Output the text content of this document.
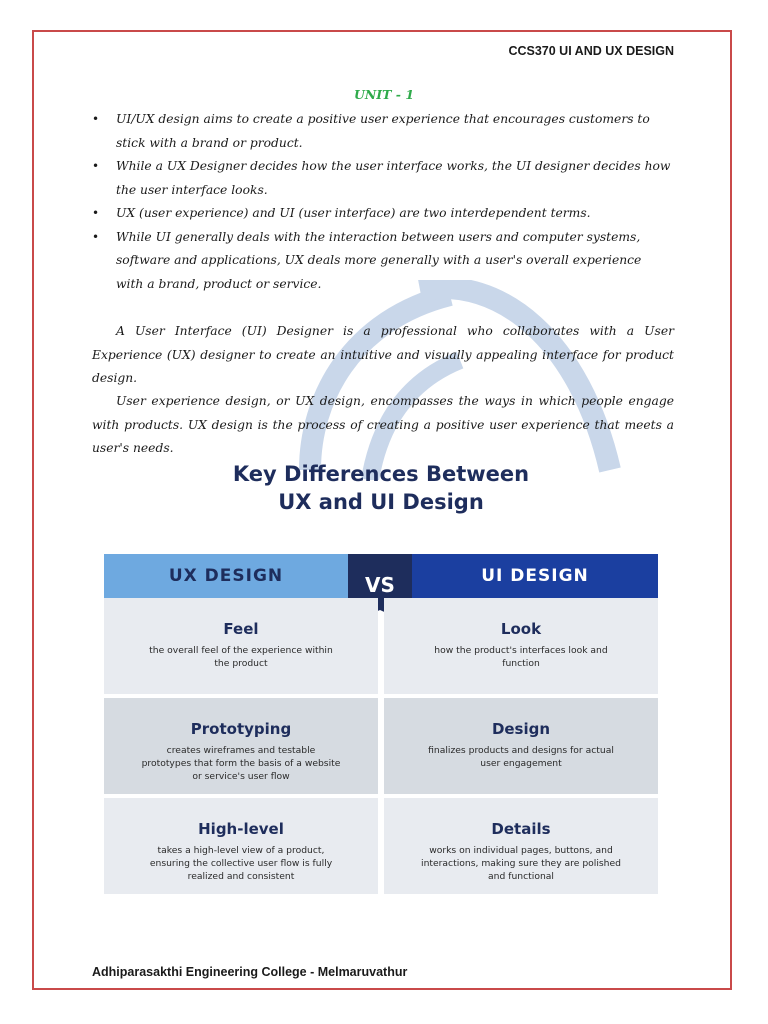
CCS370 UI AND UX DESIGN
UNIT - 1
• UI/UX design aims to create a positive user experience that encourages customers to stick with a brand or product.
• While a UX Designer decides how the user interface works, the UI designer decides how the user interface looks.
• UX (user experience) and UI (user interface) are two interdependent terms.
• While UI generally deals with the interaction between users and computer systems, software and applications, UX deals more generally with a user's overall experience with a brand, product or service.

A User Interface (UI) Designer is a professional who collaborates with a User Experience (UX) designer to create an intuitive and visually appealing interface for product design.

User experience design, or UX design, encompasses the ways in which people engage with products. UX design is the process of creating a positive user experience that meets a user's needs.

Key Differences Between
UX and UI Design
UX DESIGN	UI DESIGN
VS
Feel
the overall feel of the experience within the product
Look
how the product's interfaces look and function
Prototyping
creates wireframes and testable prototypes that form the basis of a website or service's user flow
Design
finalizes products and designs for actual user engagement
High-level
takes a high-level view of a product, ensuring the collective user flow is fully realized and consistent
Details
works on individual pages, buttons, and interactions, making sure they are polished and functional
Adhiparasakthi Engineering College - Melmaruvathur
